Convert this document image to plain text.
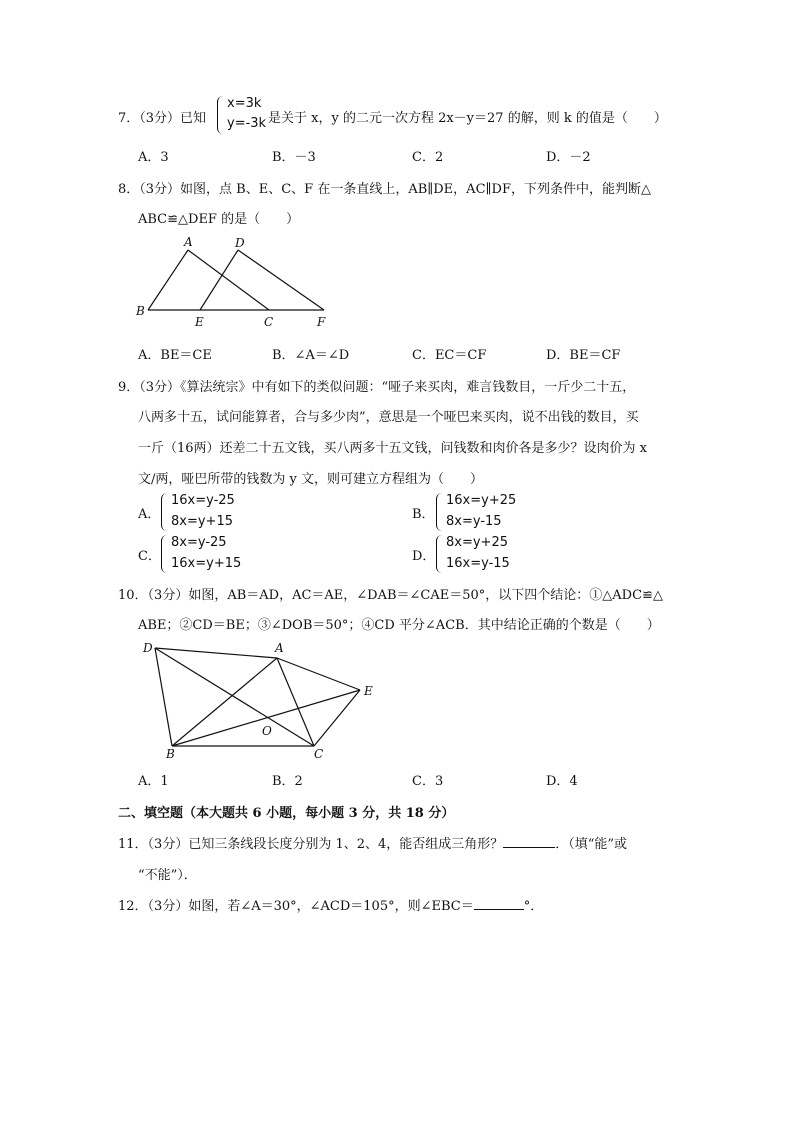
7．（3分）已知
x=3k
y=-3k 是关于 x，y 的二元一次方程 2x－y＝27 的解，则 k 的值是（　　）
A．3	B．－3	C．2	D．－2
8．（3分）如图，点 B、E、C、F 在一条直线上，AB∥DE，AC∥DF，下列条件中，能判断△
ABC≌△DEF 的是（　　）
A	D
B
E	C	F
A．BE＝CE	B．∠A＝∠D	C．EC＝CF	D．BE＝CF
9．（3分）《算法统宗》中有如下的类似问题：“哑子来买肉，难言钱数目，一斤少二十五，
八两多十五，试问能算者，合与多少肉”，意思是一个哑巴来买肉，说不出钱的数目，买
一斤（16两）还差二十五文钱，买八两多十五文钱，问钱数和肉价各是多少？设肉价为 x
文/两，哑巴所带的钱数为 y 文，则可建立方程组为（　　）
A．
16x=y-25
8x=y+15	B．
16x=y+25
8x=y-15
C．
8x=y-25
16x=y+15	D．
8x=y+25
16x=y-15
10．（3分）如图，AB＝AD，AC＝AE，∠DAB＝∠CAE＝50°，以下四个结论：①△ADC≌△
ABE；②CD＝BE；③∠DOB＝50°；④CD 平分∠ACB．其中结论正确的个数是（　　）
D	A
E
O
B	C
A．1	B．2	C．3	D．4
二、填空题（本大题共 6 小题，每小题 3 分，共 18 分）
11．（3分）已知三条线段长度分别为 1、2、4，能否组成三角形？	．（填“能”或
“不能”）．
12．（3分）如图，若∠A＝30°，∠ACD＝105°，则∠EBC＝	°．
